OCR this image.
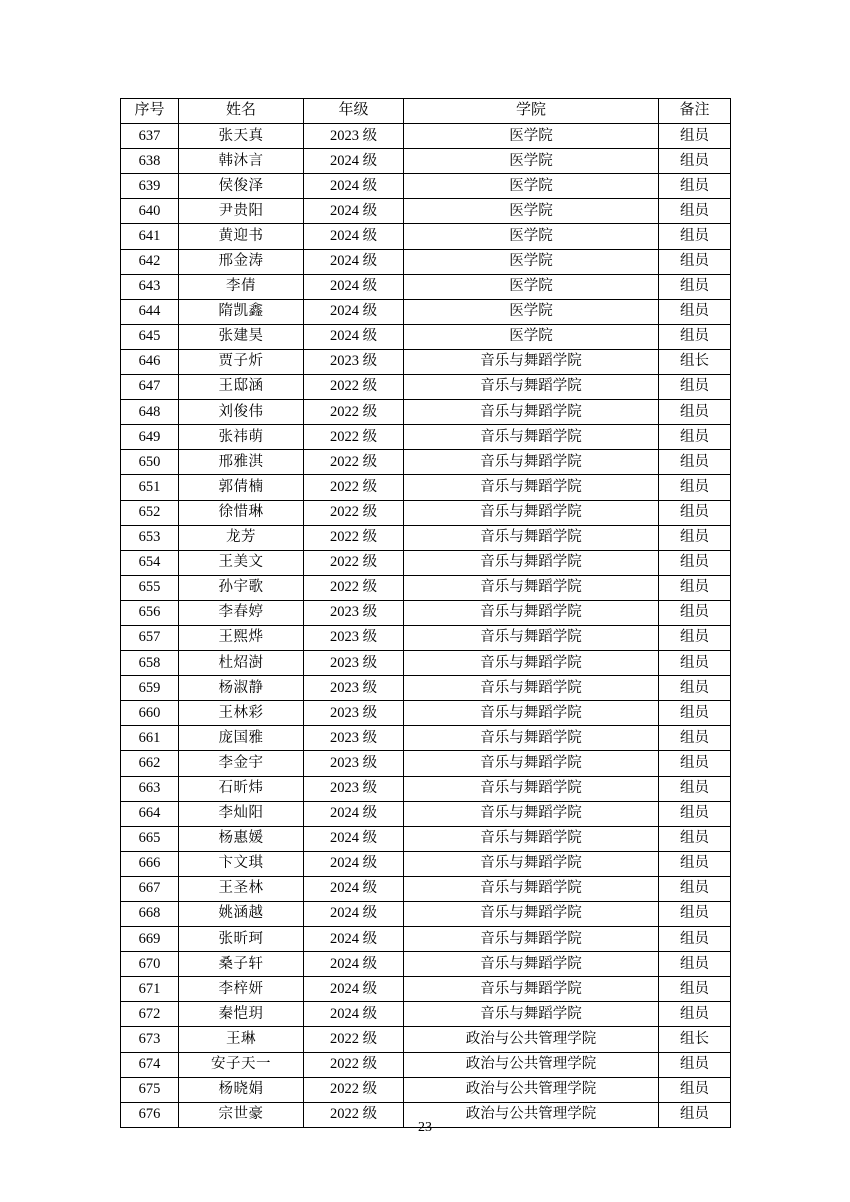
序号	姓名	年级	学院	备注
637	张天真	2023 级	医学院	组员
638	韩沐言	2024 级	医学院	组员
639	侯俊泽	2024 级	医学院	组员
640	尹贵阳	2024 级	医学院	组员
641	黄迎书	2024 级	医学院	组员
642	邢金涛	2024 级	医学院	组员
643	李倩	2024 级	医学院	组员
644	隋凯鑫	2024 级	医学院	组员
645	张建昊	2024 级	医学院	组员
646	贾子炘	2023 级	音乐与舞蹈学院	组长
647	王邸涵	2022 级	音乐与舞蹈学院	组员
648	刘俊伟	2022 级	音乐与舞蹈学院	组员
649	张祎萌	2022 级	音乐与舞蹈学院	组员
650	邢雅淇	2022 级	音乐与舞蹈学院	组员
651	郭倩楠	2022 级	音乐与舞蹈学院	组员
652	徐惜琳	2022 级	音乐与舞蹈学院	组员
653	龙芳	2022 级	音乐与舞蹈学院	组员
654	王美文	2022 级	音乐与舞蹈学院	组员
655	孙宇歌	2022 级	音乐与舞蹈学院	组员
656	李春婷	2023 级	音乐与舞蹈学院	组员
657	王熙烨	2023 级	音乐与舞蹈学院	组员
658	杜炤澍	2023 级	音乐与舞蹈学院	组员
659	杨淑静	2023 级	音乐与舞蹈学院	组员
660	王林彩	2023 级	音乐与舞蹈学院	组员
661	庞国雅	2023 级	音乐与舞蹈学院	组员
662	李金宇	2023 级	音乐与舞蹈学院	组员
663	石昕炜	2023 级	音乐与舞蹈学院	组员
664	李灿阳	2024 级	音乐与舞蹈学院	组员
665	杨惠媛	2024 级	音乐与舞蹈学院	组员
666	卞文琪	2024 级	音乐与舞蹈学院	组员
667	王圣林	2024 级	音乐与舞蹈学院	组员
668	姚涵越	2024 级	音乐与舞蹈学院	组员
669	张昕珂	2024 级	音乐与舞蹈学院	组员
670	桑子轩	2024 级	音乐与舞蹈学院	组员
671	李梓妍	2024 级	音乐与舞蹈学院	组员
672	秦恺玥	2024 级	音乐与舞蹈学院	组员
673	王琳	2022 级	政治与公共管理学院	组长
674	安子天一	2022 级	政治与公共管理学院	组员
675	杨晓娟	2022 级	政治与公共管理学院	组员
676	宗世豪	2022 级	政治与公共管理学院	组员
23
